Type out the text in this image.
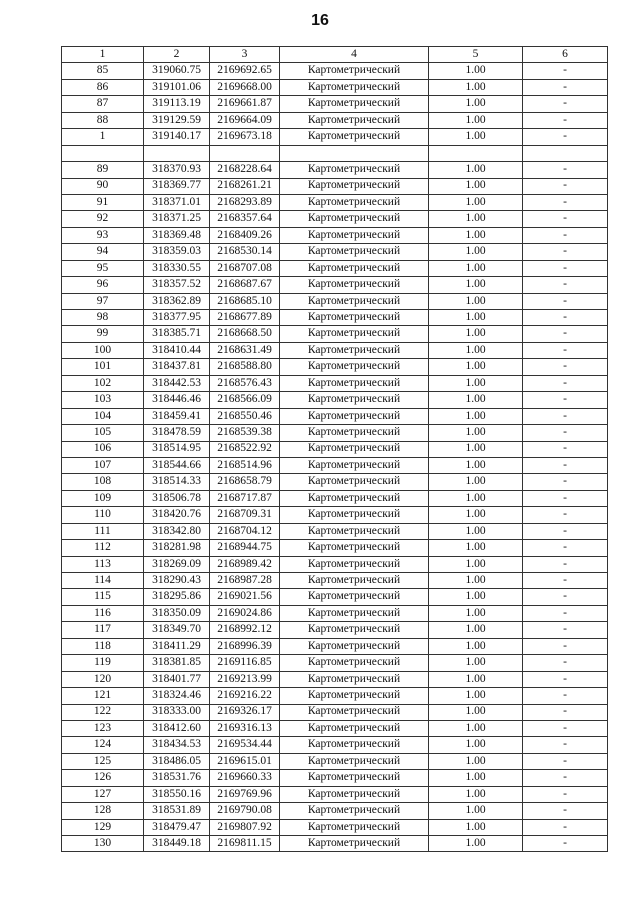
16
1	2	3	4	5	6
85	319060.75	2169692.65	Картометрический	1.00	-
86	319101.06	2169668.00	Картометрический	1.00	-
87	319113.19	2169661.87	Картометрический	1.00	-
88	319129.59	2169664.09	Картометрический	1.00	-
1	319140.17	2169673.18	Картометрический	1.00	-

89	318370.93	2168228.64	Картометрический	1.00	-
90	318369.77	2168261.21	Картометрический	1.00	-
91	318371.01	2168293.89	Картометрический	1.00	-
92	318371.25	2168357.64	Картометрический	1.00	-
93	318369.48	2168409.26	Картометрический	1.00	-
94	318359.03	2168530.14	Картометрический	1.00	-
95	318330.55	2168707.08	Картометрический	1.00	-
96	318357.52	2168687.67	Картометрический	1.00	-
97	318362.89	2168685.10	Картометрический	1.00	-
98	318377.95	2168677.89	Картометрический	1.00	-
99	318385.71	2168668.50	Картометрический	1.00	-
100	318410.44	2168631.49	Картометрический	1.00	-
101	318437.81	2168588.80	Картометрический	1.00	-
102	318442.53	2168576.43	Картометрический	1.00	-
103	318446.46	2168566.09	Картометрический	1.00	-
104	318459.41	2168550.46	Картометрический	1.00	-
105	318478.59	2168539.38	Картометрический	1.00	-
106	318514.95	2168522.92	Картометрический	1.00	-
107	318544.66	2168514.96	Картометрический	1.00	-
108	318514.33	2168658.79	Картометрический	1.00	-
109	318506.78	2168717.87	Картометрический	1.00	-
110	318420.76	2168709.31	Картометрический	1.00	-
111	318342.80	2168704.12	Картометрический	1.00	-
112	318281.98	2168944.75	Картометрический	1.00	-
113	318269.09	2168989.42	Картометрический	1.00	-
114	318290.43	2168987.28	Картометрический	1.00	-
115	318295.86	2169021.56	Картометрический	1.00	-
116	318350.09	2169024.86	Картометрический	1.00	-
117	318349.70	2168992.12	Картометрический	1.00	-
118	318411.29	2168996.39	Картометрический	1.00	-
119	318381.85	2169116.85	Картометрический	1.00	-
120	318401.77	2169213.99	Картометрический	1.00	-
121	318324.46	2169216.22	Картометрический	1.00	-
122	318333.00	2169326.17	Картометрический	1.00	-
123	318412.60	2169316.13	Картометрический	1.00	-
124	318434.53	2169534.44	Картометрический	1.00	-
125	318486.05	2169615.01	Картометрический	1.00	-
126	318531.76	2169660.33	Картометрический	1.00	-
127	318550.16	2169769.96	Картометрический	1.00	-
128	318531.89	2169790.08	Картометрический	1.00	-
129	318479.47	2169807.92	Картометрический	1.00	-
130	318449.18	2169811.15	Картометрический	1.00	-
